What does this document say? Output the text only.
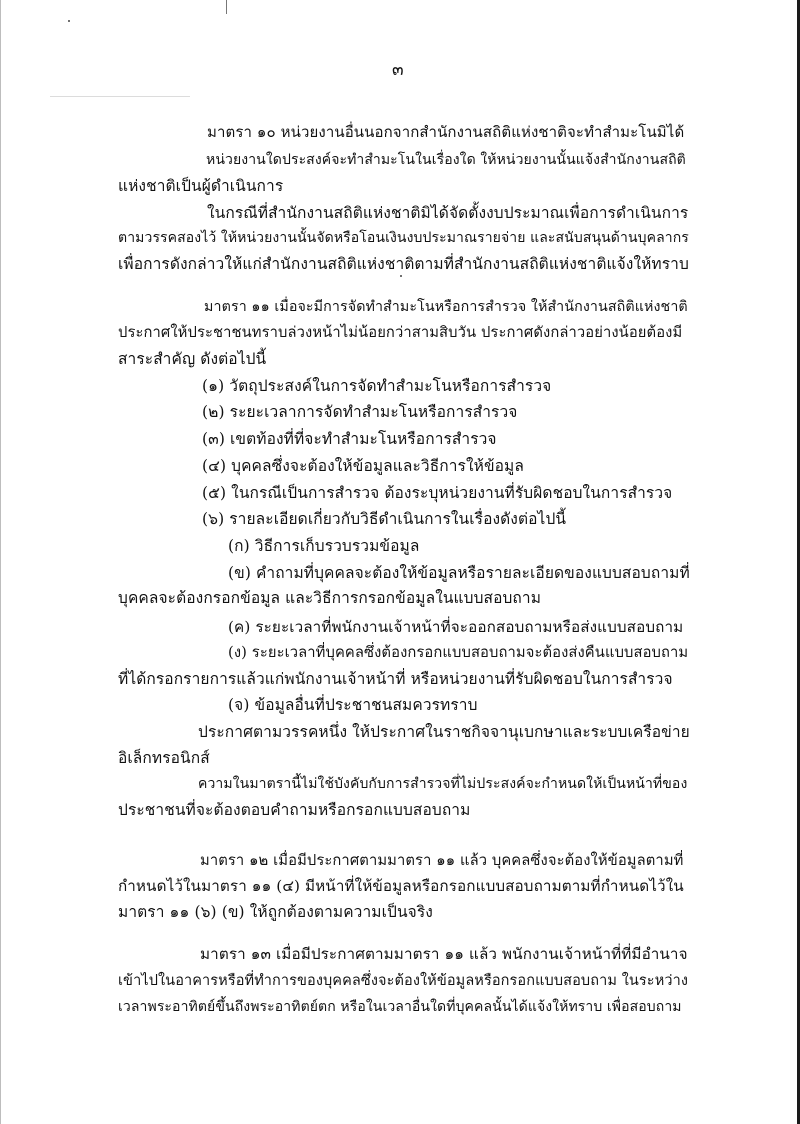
๓
มาตรา ๑๐ หน่วยงานอื่นนอกจากสำนักงานสถิติแห่งชาติจะทำสำมะโนมิได้
หน่วยงานใดประสงค์จะทำสำมะโนในเรื่องใด ให้หน่วยงานนั้นแจ้งสำนักงานสถิติ
แห่งชาติเป็นผู้ดำเนินการ
ในกรณีที่สำนักงานสถิติแห่งชาติมิได้จัดตั้งงบประมาณเพื่อการดำเนินการ
ตามวรรคสองไว้ ให้หน่วยงานนั้นจัดหรือโอนเงินงบประมาณรายจ่าย และสนับสนุนด้านบุคลากร
เพื่อการดังกล่าวให้แก่สำนักงานสถิติแห่งชาติตามที่สำนักงานสถิติแห่งชาติแจ้งให้ทราบ
มาตรา ๑๑ เมื่อจะมีการจัดทำสำมะโนหรือการสำรวจ ให้สำนักงานสถิติแห่งชาติ
ประกาศให้ประชาชนทราบล่วงหน้าไม่น้อยกว่าสามสิบวัน ประกาศดังกล่าวอย่างน้อยต้องมี
สาระสำคัญ ดังต่อไปนี้
(๑) วัตถุประสงค์ในการจัดทำสำมะโนหรือการสำรวจ
(๒) ระยะเวลาการจัดทำสำมะโนหรือการสำรวจ
(๓) เขตท้องที่ที่จะทำสำมะโนหรือการสำรวจ
(๔) บุคคลซึ่งจะต้องให้ข้อมูลและวิธีการให้ข้อมูล
(๕) ในกรณีเป็นการสำรวจ ต้องระบุหน่วยงานที่รับผิดชอบในการสำรวจ
(๖) รายละเอียดเกี่ยวกับวิธีดำเนินการในเรื่องดังต่อไปนี้
(ก) วิธีการเก็บรวบรวมข้อมูล
(ข) คำถามที่บุคคลจะต้องให้ข้อมูลหรือรายละเอียดของแบบสอบถามที่
บุคคลจะต้องกรอกข้อมูล และวิธีการกรอกข้อมูลในแบบสอบถาม
(ค) ระยะเวลาที่พนักงานเจ้าหน้าที่จะออกสอบถามหรือส่งแบบสอบถาม
(ง) ระยะเวลาที่บุคคลซึ่งต้องกรอกแบบสอบถามจะต้องส่งคืนแบบสอบถาม
ที่ได้กรอกรายการแล้วแก่พนักงานเจ้าหน้าที่ หรือหน่วยงานที่รับผิดชอบในการสำรวจ
(จ) ข้อมูลอื่นที่ประชาชนสมควรทราบ
ประกาศตามวรรคหนึ่ง ให้ประกาศในราชกิจจานุเบกษาและระบบเครือข่าย
อิเล็กทรอนิกส์
ความในมาตรานี้ไม่ใช้บังคับกับการสำรวจที่ไม่ประสงค์จะกำหนดให้เป็นหน้าที่ของ
ประชาชนที่จะต้องตอบคำถามหรือกรอกแบบสอบถาม
มาตรา ๑๒ เมื่อมีประกาศตามมาตรา ๑๑ แล้ว บุคคลซึ่งจะต้องให้ข้อมูลตามที่
กำหนดไว้ในมาตรา ๑๑ (๔) มีหน้าที่ให้ข้อมูลหรือกรอกแบบสอบถามตามที่กำหนดไว้ใน
มาตรา ๑๑ (๖) (ข) ให้ถูกต้องตามความเป็นจริง
มาตรา ๑๓ เมื่อมีประกาศตามมาตรา ๑๑ แล้ว พนักงานเจ้าหน้าที่ที่มีอำนาจ
เข้าไปในอาคารหรือที่ทำการของบุคคลซึ่งจะต้องให้ข้อมูลหรือกรอกแบบสอบถาม ในระหว่าง
เวลาพระอาทิตย์ขึ้นถึงพระอาทิตย์ตก หรือในเวลาอื่นใดที่บุคคลนั้นได้แจ้งให้ทราบ เพื่อสอบถาม
